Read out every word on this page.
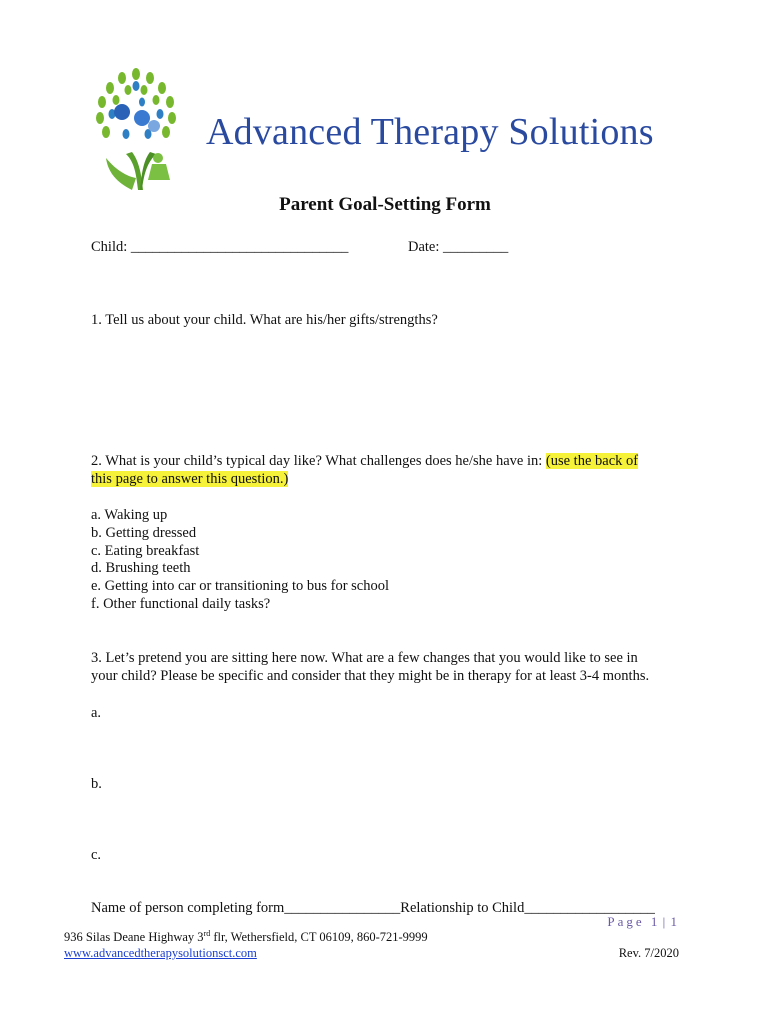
Advanced Therapy Solutions
Parent Goal-Setting Form
Child: ______________________________	Date: _________
1. Tell us about your child. What are his/her gifts/strengths?
2. What is your child’s typical day like? What challenges does he/she have in: (use the back of
this page to answer this question.)
a. Waking up
b. Getting dressed
c. Eating breakfast
d. Brushing teeth
e. Getting into car or transitioning to bus for school
f. Other functional daily tasks?
3. Let’s pretend you are sitting here now. What are a few changes that you would like to see in
your child? Please be specific and consider that they might be in therapy for at least 3-4 months.
a.
b.
c.
Name of person completing form________________Relationship to Child__________________
Page 1 | 1
936 Silas Deane Highway 3rd flr, Wethersfield, CT 06109, 860-721-9999
www.advancedtherapysolutionsct.com	Rev. 7/2020
